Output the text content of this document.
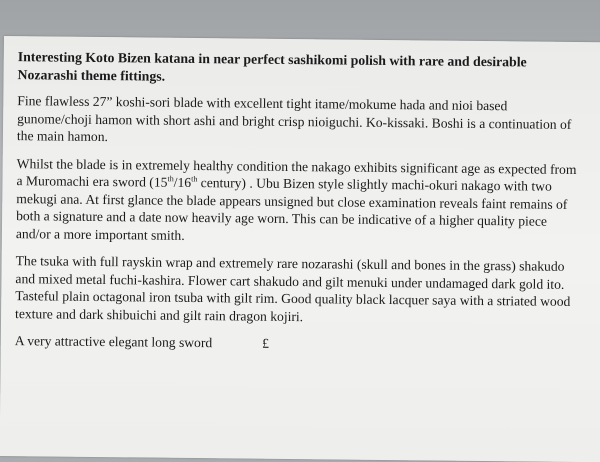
Interesting Koto Bizen katana in near perfect sashikomi polish with rare and desirable Nozarashi theme fittings.

Fine flawless 27” koshi-sori blade with excellent tight itame/mokume hada and nioi based gunome/choji hamon with short ashi and bright crisp nioiguchi. Ko-kissaki. Boshi is a continuation of the main hamon.

Whilst the blade is in extremely healthy condition the nakago exhibits significant age as expected from a Muromachi era sword (15th/16th century) . Ubu Bizen style slightly machi-okuri nakago with two mekugi ana. At first glance the blade appears unsigned but close examination reveals faint remains of both a signature and a date now heavily age worn. This can be indicative of a higher quality piece and/or a more important smith.

The tsuka with full rayskin wrap and extremely rare nozarashi (skull and bones in the grass) shakudo and mixed metal fuchi-kashira. Flower cart shakudo and gilt menuki under undamaged dark gold ito. Tasteful plain octagonal iron tsuba with gilt rim. Good quality black lacquer saya with a striated wood texture and dark shibuichi and gilt rain dragon kojiri.

A very attractive elegant long sword	£
